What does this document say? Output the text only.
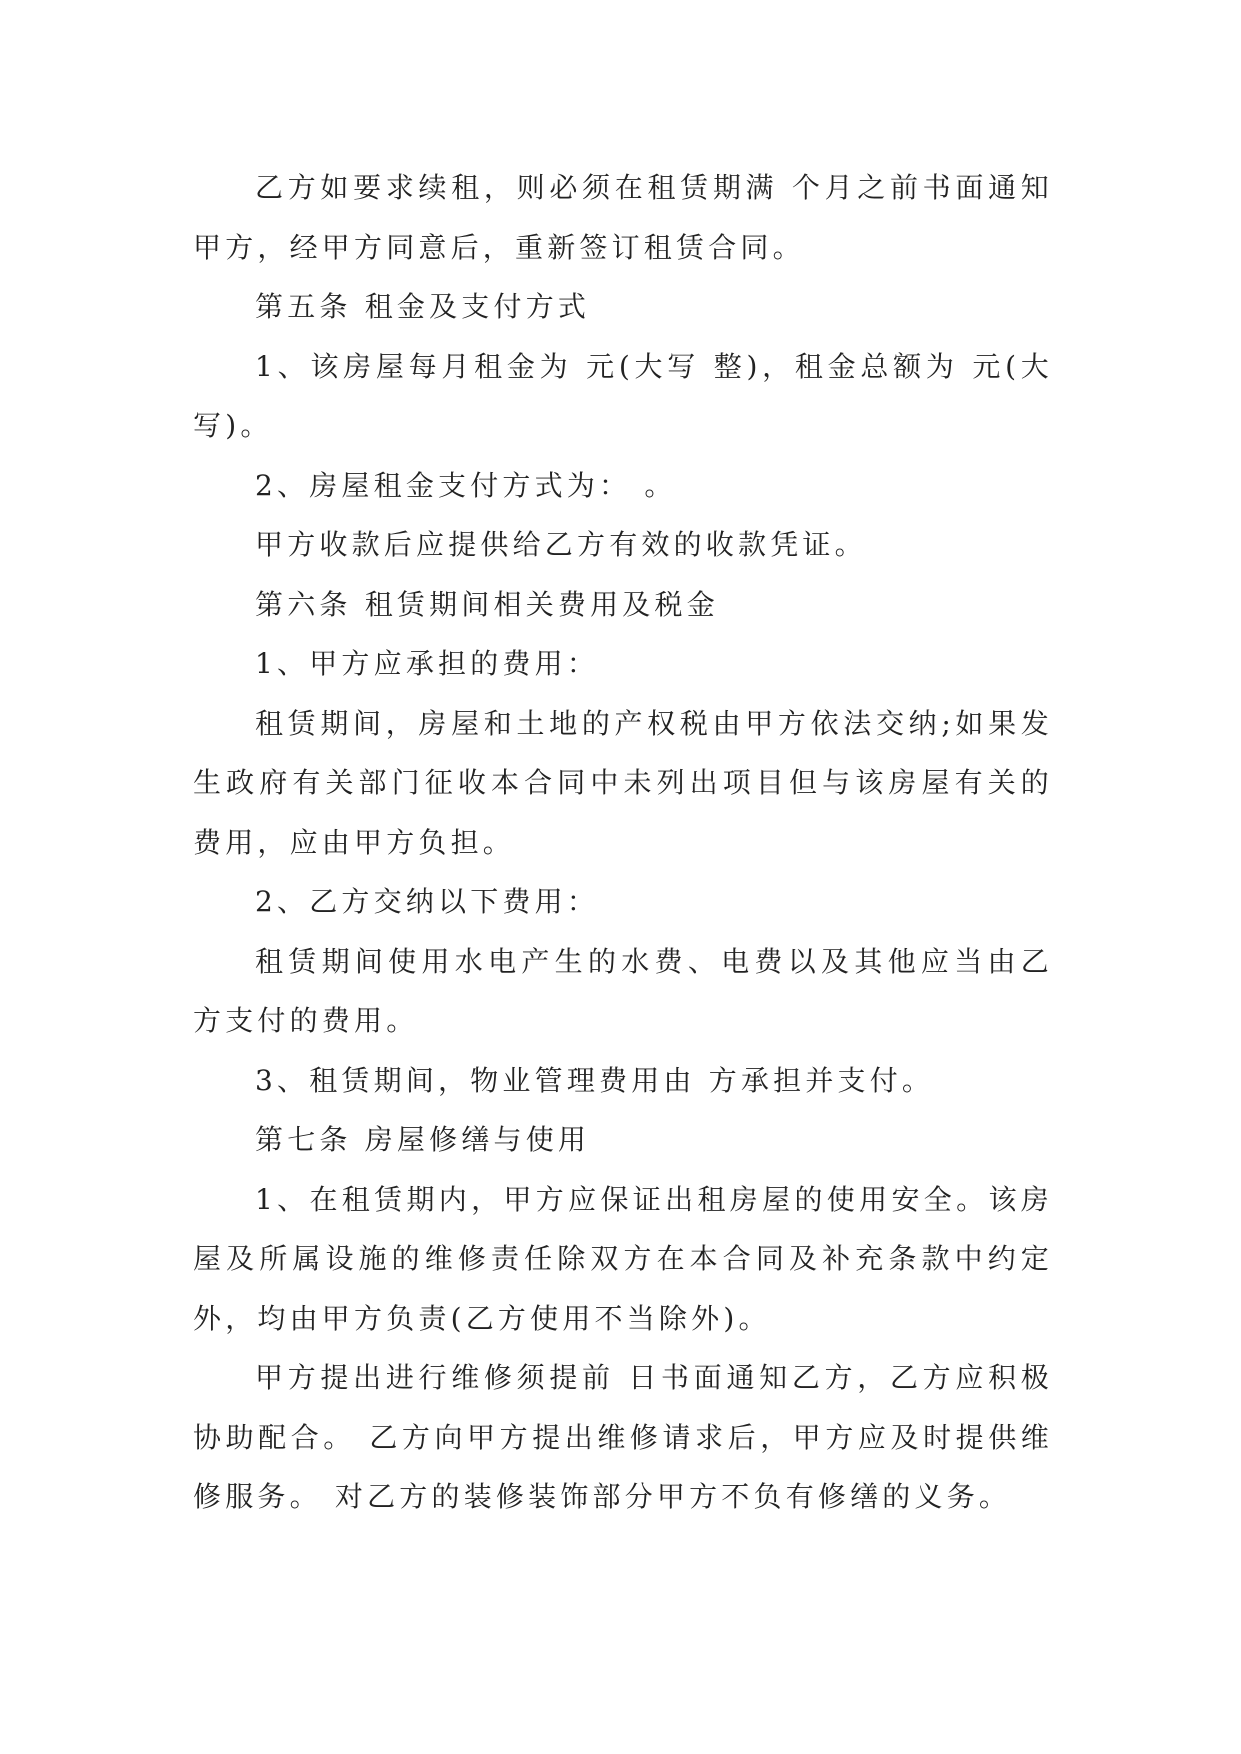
乙方如要求续租，则必须在租赁期满 个月之前书面通知甲方，经甲方同意后，重新签订租赁合同。

第五条 租金及支付方式

1、该房屋每月租金为 元(大写 整)，租金总额为 元(大写)。

2、房屋租金支付方式为： 。

甲方收款后应提供给乙方有效的收款凭证。

第六条 租赁期间相关费用及税金

1、甲方应承担的费用：

租赁期间，房屋和土地的产权税由甲方依法交纳;如果发生政府有关部门征收本合同中未列出项目但与该房屋有关的费用，应由甲方负担。

2、乙方交纳以下费用：

租赁期间使用水电产生的水费、电费以及其他应当由乙方支付的费用。

3、租赁期间，物业管理费用由 方承担并支付。

第七条 房屋修缮与使用

1、在租赁期内，甲方应保证出租房屋的使用安全。该房屋及所属设施的维修责任除双方在本合同及补充条款中约定外，均由甲方负责(乙方使用不当除外)。

甲方提出进行维修须提前 日书面通知乙方，乙方应积极协助配合。 乙方向甲方提出维修请求后，甲方应及时提供维修服务。 对乙方的装修装饰部分甲方不负有修缮的义务。
